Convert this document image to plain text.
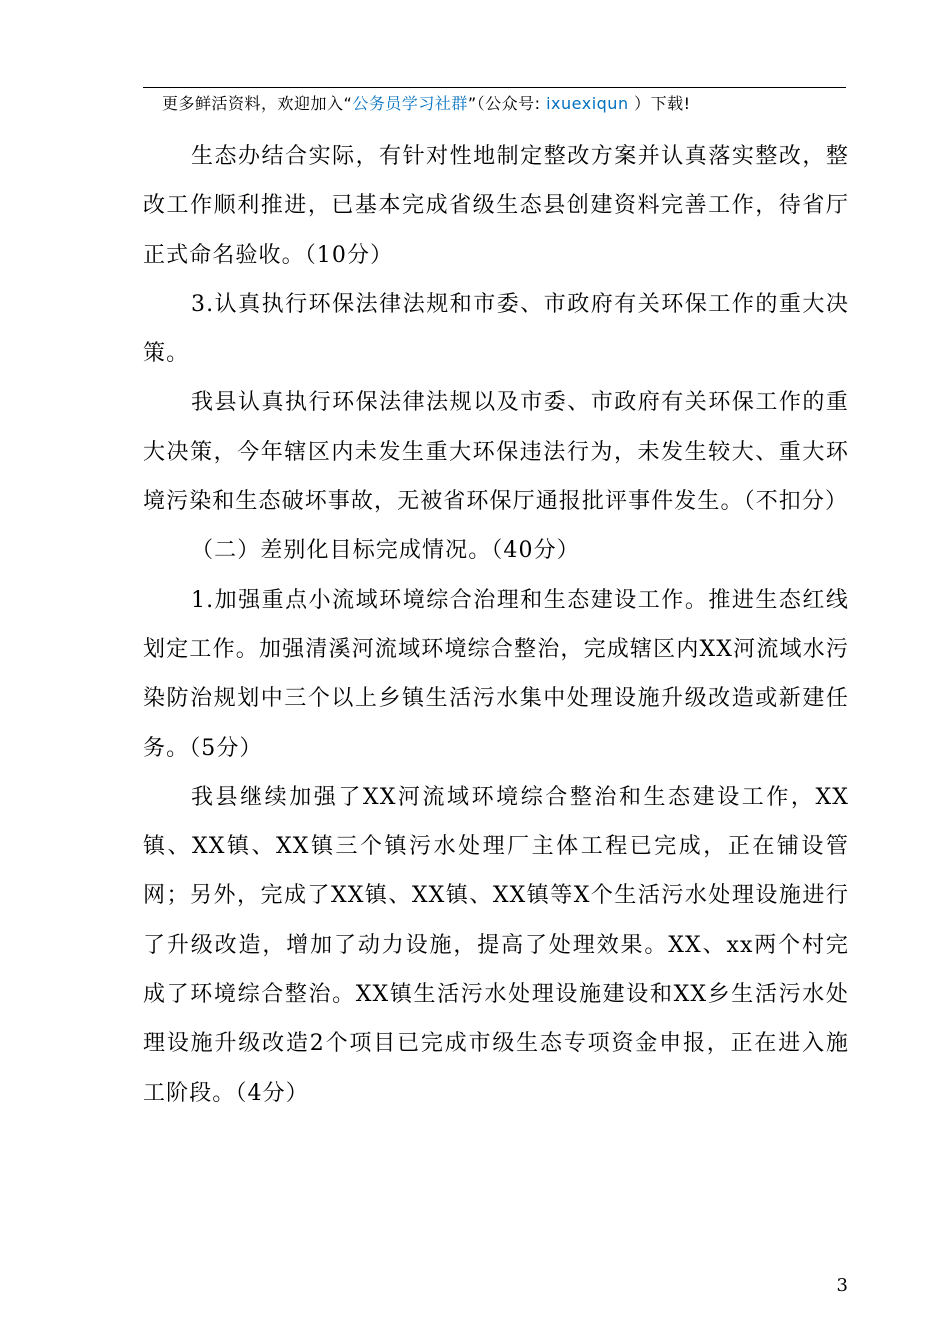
更多鲜活资料，欢迎加入“公务员学习社群”（公众号: ixuexiqun ）下载!

生态办结合实际，有针对性地制定整改方案并认真落实整改，整改工作顺利推进，已基本完成省级生态县创建资料完善工作，待省厅正式命名验收。（10分）

3.认真执行环保法律法规和市委、市政府有关环保工作的重大决策。

我县认真执行环保法律法规以及市委、市政府有关环保工作的重大决策，今年辖区内未发生重大环保违法行为，未发生较大、重大环境污染和生态破坏事故，无被省环保厅通报批评事件发生。（不扣分）

（二）差别化目标完成情况。（40分）

1.加强重点小流域环境综合治理和生态建设工作。推进生态红线划定工作。加强清溪河流域环境综合整治，完成辖区内XX河流域水污染防治规划中三个以上乡镇生活污水集中处理设施升级改造或新建任务。（5分）

我县继续加强了XX河流域环境综合整治和生态建设工作，XX镇、XX镇、XX镇三个镇污水处理厂主体工程已完成，正在铺设管网；另外，完成了XX镇、XX镇、XX镇等X个生活污水处理设施进行了升级改造，增加了动力设施，提高了处理效果。XX、xx两个村完成了环境综合整治。XX镇生活污水处理设施建设和XX乡生活污水处理设施升级改造2个项目已完成市级生态专项资金申报，正在进入施工阶段。（4分）

3
